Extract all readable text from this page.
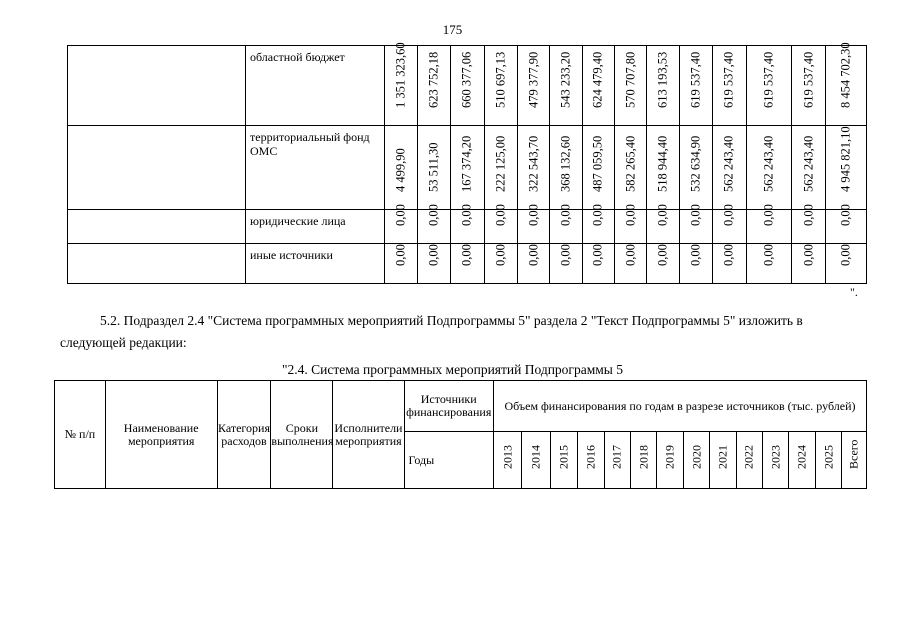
175
	областной бюджет	1 351 323,60	623 752,18	660 377,06	510 697,13	479 377,90	543 233,20	624 479,40	570 707,80	613 193,53	619 537,40	619 537,40	619 537,40	619 537,40	8 454 702,30

	территориальный фонд ОМС	4 499,90	53 511,30	167 374,20	222 125,00	322 543,70	368 132,60	487 059,50	582 265,40	518 944,40	532 634,90	562 243,40	562 243,40	562 243,40	4 945 821,10

	юридические лица	0,00	0,00	0,00	0,00	0,00	0,00	0,00	0,00	0,00	0,00	0,00	0,00	0,00	0,00

	иные источники	0,00	0,00	0,00	0,00	0,00	0,00	0,00	0,00	0,00	0,00	0,00	0,00	0,00	0,00
".
5.2. Подраздел 2.4 "Система программных мероприятий Подпрограммы 5" раздела 2 "Текст Подпрограммы 5" изложить в следующей редакции:
"2.4. Система программных мероприятий Подпрограммы 5
№ п/п	Наименование мероприятия	Категория расходов	Сроки выполнения	Исполнители мероприятия	Источники финансирования	Объем финансирования по годам в разрезе источников (тыс. рублей)													
					Годы	2013	2014	2015	2016	2017	2018	2019	2020	2021	2022	2023	2024	2025	Всего
